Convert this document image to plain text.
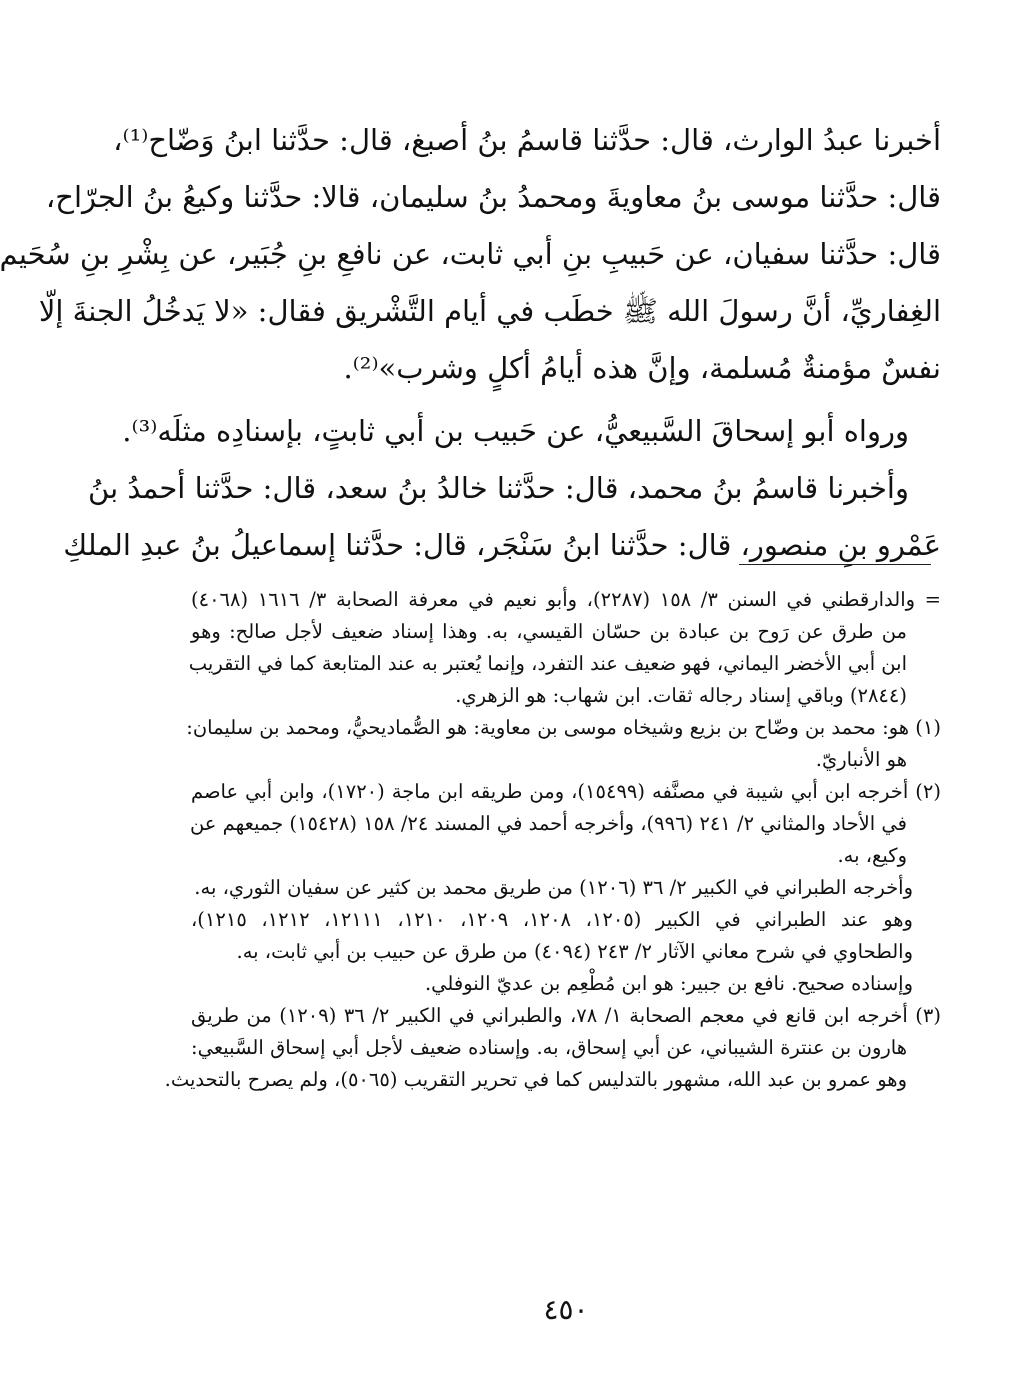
أخبرنا عبدُ الوارث، قال: حدَّثنا قاسمُ بنُ أصبغ، قال: حدَّثنا ابنُ وَضّاح⁽¹⁾،
قال: حدَّثنا موسى بنُ معاويةَ ومحمدُ بنُ سليمان، قالا: حدَّثنا وكيعُ بنُ الجرّاح،
قال: حدَّثنا سفيان، عن حَبيبِ بنِ أبي ثابت، عن نافعِ بنِ جُبَير، عن بِشْرِ بنِ سُحَيم
الغِفاريِّ، أنَّ رسولَ الله ﷺ خطَب في أيام التَّشْريق فقال: «لا يَدخُلُ الجنةَ إلّا
نفسٌ مؤمنةٌ مُسلمة، وإنَّ هذه أيامُ أكلٍ وشرب»⁽²⁾.
ورواه أبو إسحاقَ السَّبيعيُّ، عن حَبيب بن أبي ثابتٍ، بإسنادِه مثلَه⁽³⁾.
وأخبرنا قاسمُ بنُ محمد، قال: حدَّثنا خالدُ بنُ سعد، قال: حدَّثنا أحمدُ بنُ
عَمْرو بنِ منصور، قال: حدَّثنا ابنُ سَنْجَر، قال: حدَّثنا إسماعيلُ بنُ عبدِ الملكِ
= والدارقطني في السنن ٣/ ١٥٨ (٢٢٨٧)، وأبو نعيم في معرفة الصحابة ٣/ ١٦١٦ (٤٠٦٨)
من طرق عن رَوح بن عبادة بن حسّان القيسي، به. وهذا إسناد ضعيف لأجل صالح: وهو
ابن أبي الأخضر اليماني، فهو ضعيف عند التفرد، وإنما يُعتبر به عند المتابعة كما في التقريب
(٢٨٤٤) وباقي إسناد رجاله ثقات. ابن شهاب: هو الزهري.
(١) هو: محمد بن وضّاح بن بزيع وشيخاه موسى بن معاوية: هو الصُّماديحيُّ، ومحمد بن سليمان:
هو الأنباريّ.
(٢) أخرجه ابن أبي شيبة في مصنَّفه (١٥٤٩٩)، ومن طريقه ابن ماجة (١٧٢٠)، وابن أبي عاصم
في الأحاد والمثاني ٢/ ٢٤١ (٩٩٦)، وأخرجه أحمد في المسند ٢٤/ ١٥٨ (١٥٤٢٨) جميعهم عن
وكيع، به.
وأخرجه الطبراني في الكبير ٢/ ٣٦ (١٢٠٦) من طريق محمد بن كثير عن سفيان الثوري، به.
وهو عند الطبراني في الكبير (١٢٠٥، ١٢٠٨، ١٢٠٩، ١٢١٠، ١٢١١١، ١٢١٢، ١٢١٥)،
والطحاوي في شرح معاني الآثار ٢/ ٢٤٣ (٤٠٩٤) من طرق عن حبيب بن أبي ثابت، به.
وإسناده صحيح. نافع بن جبير: هو ابن مُطْعِم بن عديّ النوفلي.
(٣) أخرجه ابن قانع في معجم الصحابة ١/ ٧٨، والطبراني في الكبير ٢/ ٣٦ (١٢٠٩) من طريق
هارون بن عنترة الشيباني، عن أبي إسحاق، به. وإسناده ضعيف لأجل أبي إسحاق السَّبيعي:
وهو عمرو بن عبد الله، مشهور بالتدليس كما في تحرير التقريب (٥٠٦٥)، ولم يصرح بالتحديث.
٤٥٠
